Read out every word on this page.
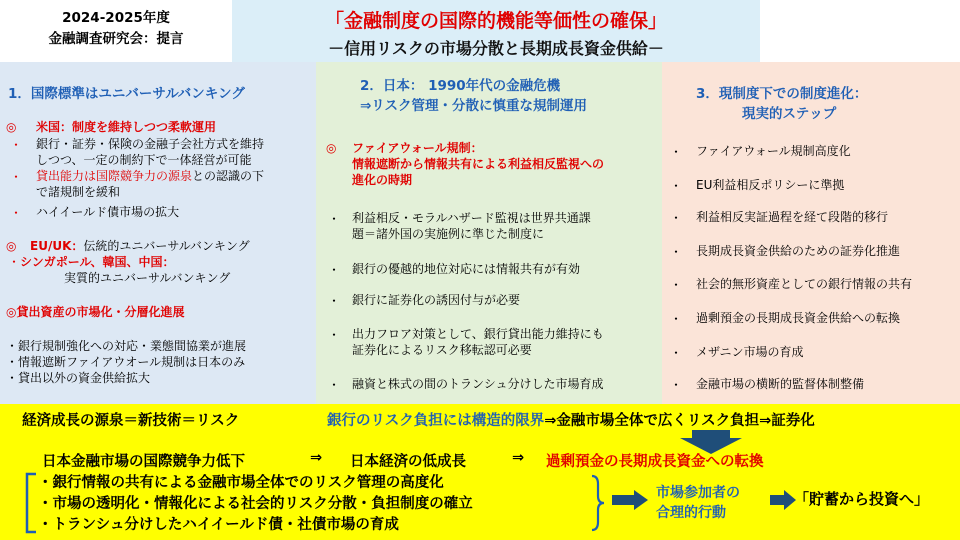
2024-2025年度
金融調査研究会：提言
「金融制度の国際的機能等価性の確保」
－信用リスクの市場分散と長期成長資金供給－
1．国際標準はユニバーサルバンキング
◎ 米国：制度を維持しつつ柔軟運用
・ 銀行・証券・保険の金融子会社方式を維持
しつつ、一定の制約下で一体経営が可能
・ 貸出能力は国際競争力の源泉との認識の下
で諸規制を緩和
・ ハイイールド債市場の拡大
◎ EU/UK：伝統的ユニバーサルバンキング
・シンガポール、韓国、中国：
実質的ユニバーサルバンキング
◎貸出資産の市場化・分層化進展
・銀行規制強化への対応・業態間協業が進展
・情報遮断ファイアウオール規制は日本のみ
・貸出以外の資金供給拡大
2．日本： 1990年代の金融危機
⇒リスク管理・分散に慎重な規制運用
◎ ファイアウォール規制：
情報遮断から情報共有による利益相反監視への
進化の時期
・ 利益相反・モラルハザード監視は世界共通課
題＝諸外国の実施例に準じた制度に
・ 銀行の優越的地位対応には情報共有が有効
・ 銀行に証券化の誘因付与が必要
・ 出力フロア対策として、銀行貸出能力維持にも
証券化によるリスク移転認可必要
・ 融資と株式の間のトランシュ分けした市場育成
3．現制度下での制度進化：
現実的ステップ
・ ファイアウォール規制高度化
・ EU利益相反ポリシーに準拠
・ 利益相反実証過程を経て段階的移行
・ 長期成長資金供給のための証券化推進
・ 社会的無形資産としての銀行情報の共有
・ 過剰預金の長期成長資金供給への転換
・ メザニン市場の育成
・ 金融市場の横断的監督体制整備
経済成長の源泉＝新技術＝リスク	銀行のリスク負担には構造的限界⇒金融市場全体で広くリスク負担⇒証券化
日本金融市場の国際競争力低下	⇒ 日本経済の低成長	⇒ 過剰預金の長期成長資金への転換
・銀行情報の共有による金融市場全体でのリスク管理の高度化
・市場の透明化・情報化による社会的リスク分散・負担制度の確立
・トランシュ分けしたハイイールド債・社債市場の育成
市場参加者の
合理的行動
「貯蓄から投資へ」
